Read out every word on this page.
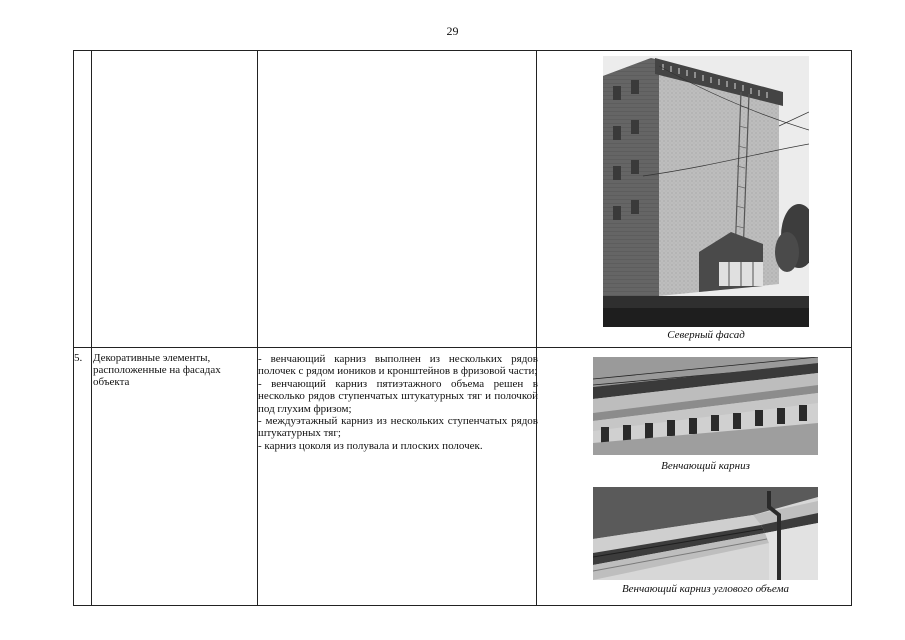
29
Северный фасад
5. Декоративные элементы,
расположенные на фасадах
объекта

- венчающий карниз выполнен из нескольких рядов полочек с рядом иоников и кронштейнов в фризовой части;

- венчающий карниз пятиэтажного объема решен в несколько рядов ступенчатых штукатурных тяг и полочкой под глухим фризом;

- междуэтажный карниз из нескольких ступенчатых рядов штукатурных тяг;

- карниз цоколя из полувала и плоских полочек.

Венчающий карниз
Венчающий карниз углового объема
